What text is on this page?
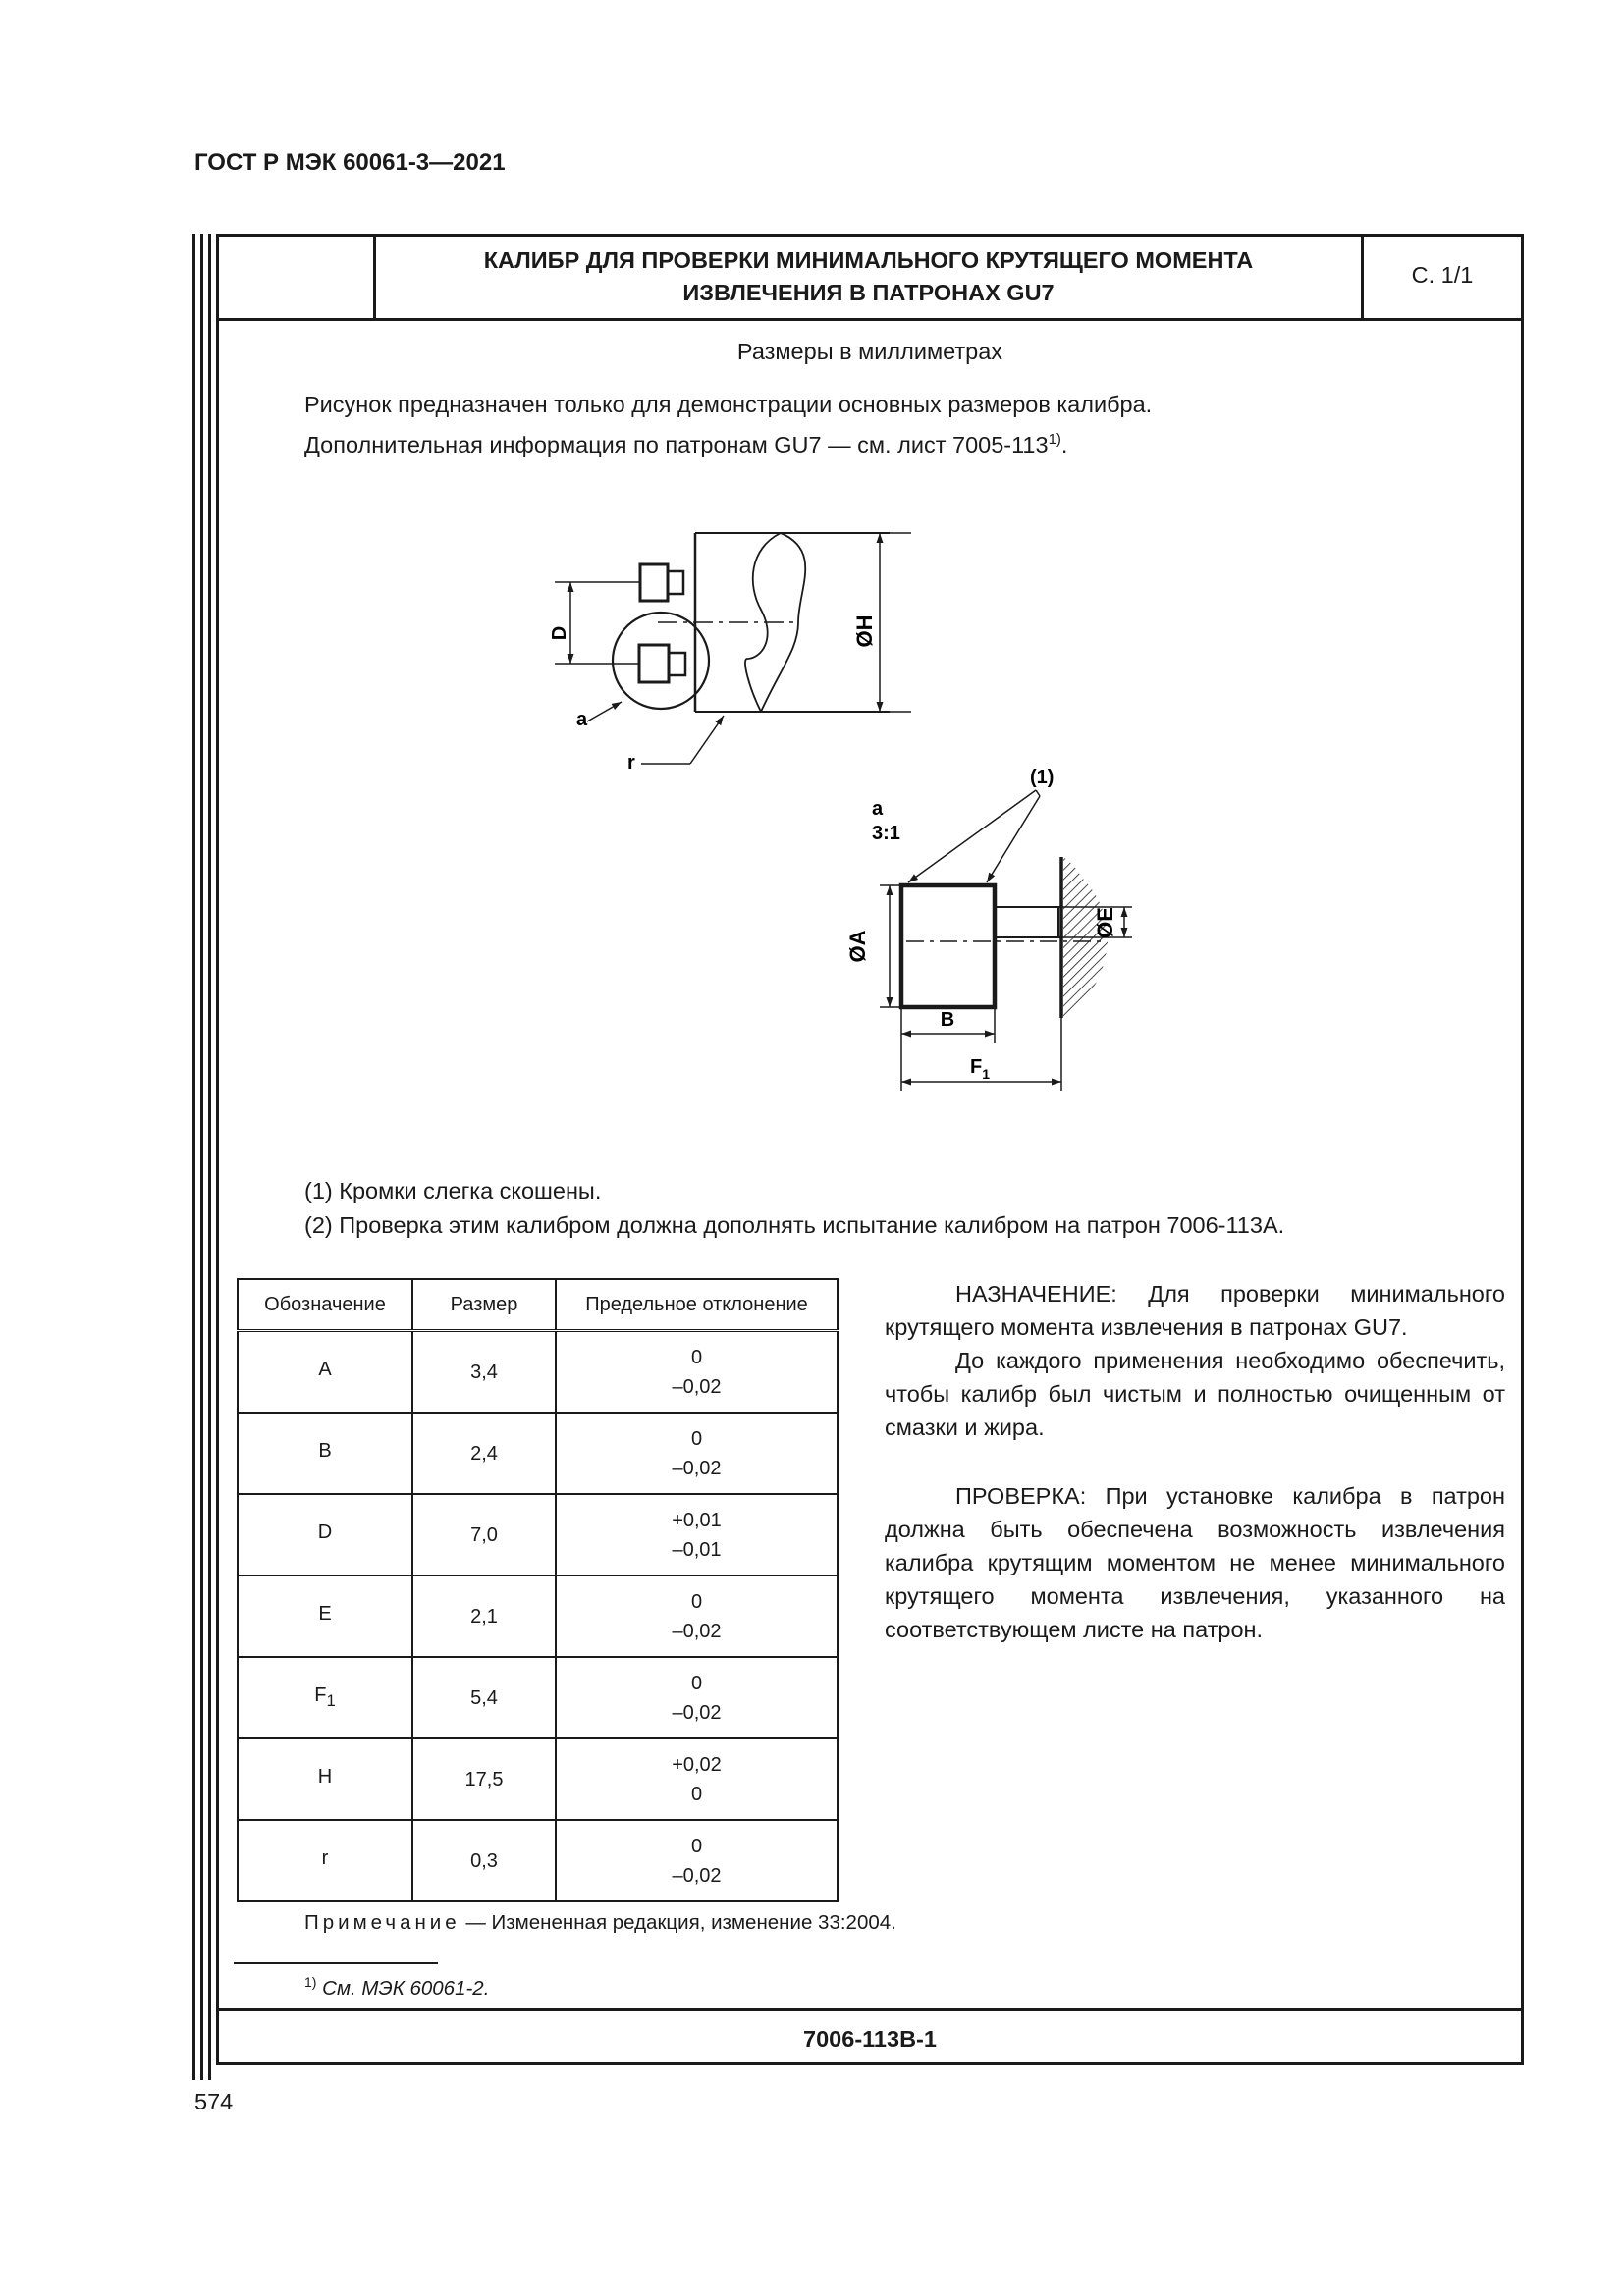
ГОСТ Р МЭК 60061-3—2021
КАЛИБР ДЛЯ ПРОВЕРКИ МИНИМАЛЬНОГО КРУТЯЩЕГО МОМЕНТА
ИЗВЛЕЧЕНИЯ В ПАТРОНАХ GU7
С. 1/1
Размеры в миллиметрах
Рисунок предназначен только для демонстрации основных размеров калибра.
Дополнительная информация по патронам GU7 — см. лист 7005-113$^{1)}$.
D	ØH
a
r
ØA
ØE
B
$F_1$
a
3:1
(1)
(1) Кромки слегка скошены.
(2) Проверка этим калибром должна дополнять испытание калибром на патрон 7006-113A.
Обозначение	Размер	Предельное отклонение
A	3,4	0
–0,02

B	2,4	0
–0,02

D	7,0	+0,01
–0,01

E	2,1	0
–0,02

$F_1$	5,4	0
–0,02

H	17,5	+0,02
0

r	0,3	0
–0,02

НАЗНАЧЕНИЕ: Для проверки минимального крутящего момента извлечения в патронах GU7.

До каждого применения необходимо обеспечить, чтобы калибр был чистым и полностью очищенным от смазки и жира.

ПРОВЕРКА: При установке калибра в патрон должна быть обеспечена возможность извлечения калибра крутящим моментом не менее минимального крутящего момента извлечения, указанного на соответствующем листе на патрон.

Примечание — Измененная редакция, изменение 33:2004.
$^{1)}$ См. МЭК 60061-2.
7006-113B-1
574
